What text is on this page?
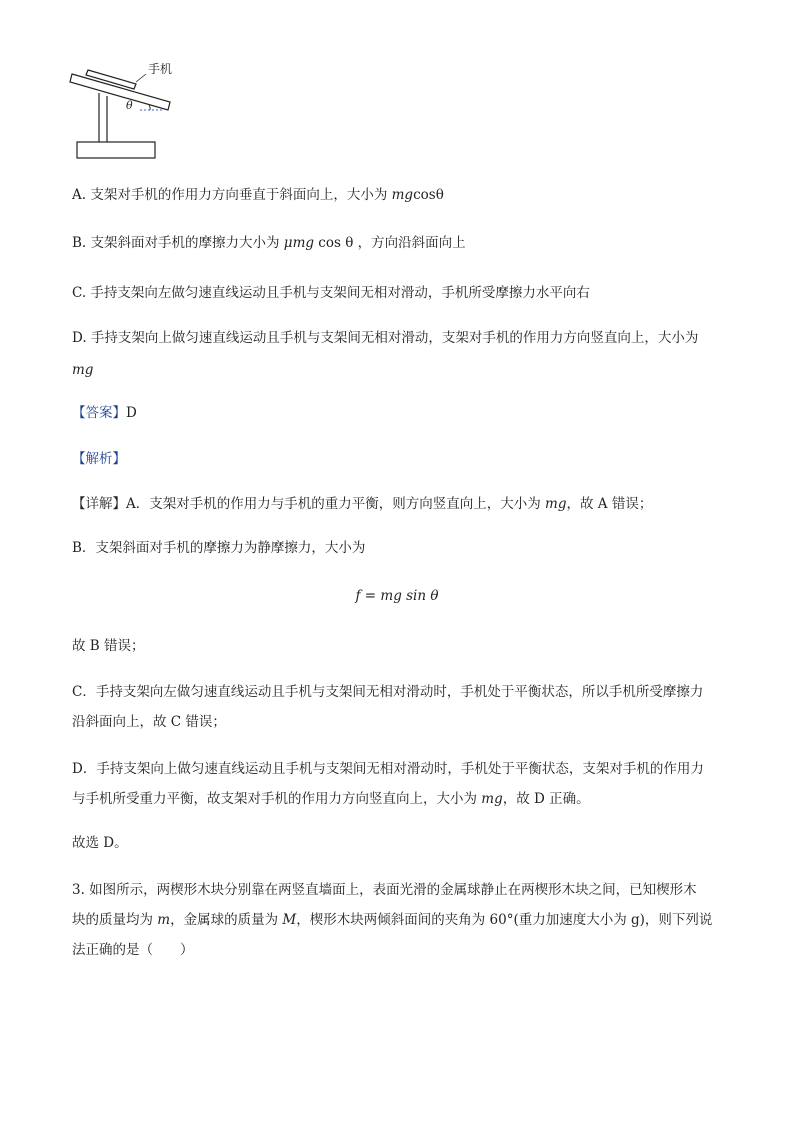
手机
θ
A. 支架对手机的作用力方向垂直于斜面向上，大小为 mgcosθ
B. 支架斜面对手机的摩擦力大小为 μmg cos θ ，方向沿斜面向上
C. 手持支架向左做匀速直线运动且手机与支架间无相对滑动，手机所受摩擦力水平向右
D. 手持支架向上做匀速直线运动且手机与支架间无相对滑动，支架对手机的作用力方向竖直向上，大小为
mg
【答案】D
【解析】
【详解】A．支架对手机的作用力与手机的重力平衡，则方向竖直向上，大小为 mg，故 A 错误；
B．支架斜面对手机的摩擦力为静摩擦力，大小为
f = mg sin θ
故 B 错误；
C．手持支架向左做匀速直线运动且手机与支架间无相对滑动时，手机处于平衡状态，所以手机所受摩擦力
沿斜面向上，故 C 错误；
D．手持支架向上做匀速直线运动且手机与支架间无相对滑动时，手机处于平衡状态，支架对手机的作用力
与手机所受重力平衡，故支架对手机的作用力方向竖直向上，大小为 mg，故 D 正确。
故选 D。
3. 如图所示，两楔形木块分别靠在两竖直墙面上，表面光滑的金属球静止在两楔形木块之间，已知楔形木
块的质量均为 m，金属球的质量为 M，楔形木块两倾斜面间的夹角为 60°(重力加速度大小为 g)，则下列说
法正确的是（　　）
